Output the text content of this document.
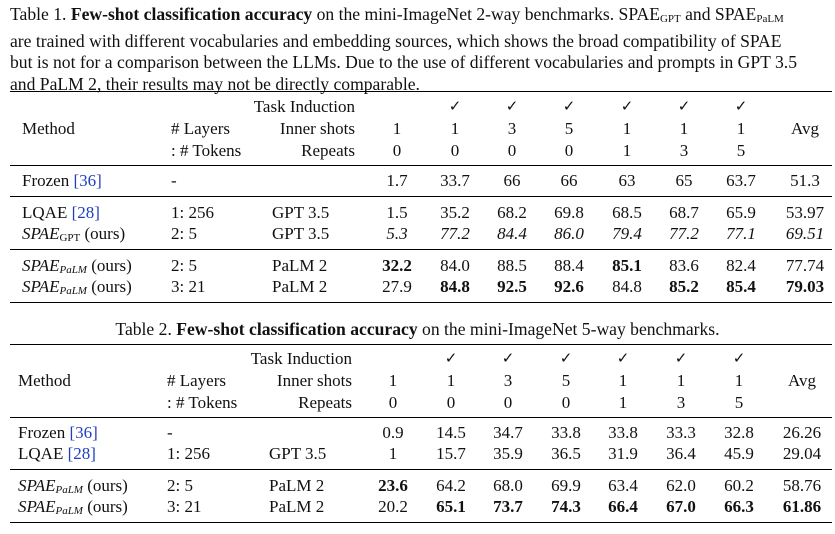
Table 1. Few-shot classification accuracy on the mini-ImageNet 2-way benchmarks. SPAEGPT and SPAEPaLM
are trained with different vocabularies and embedding sources, which shows the broad compatibility of SPAE
but is not for a comparison between the LLMs. Due to the use of different vocabularies and prompts in GPT 3.5
and PaLM 2, their results may not be directly comparable.
Task Induction	✓	✓	✓	✓	✓	✓
Method	# Layers	Inner shots 1	1	3	5	1	1	1	Avg
: # Tokens	Repeats 0	0	0	0	1	3	5
Frozen [36]	-	1.7 33.7 66 66 63 65 63.7 51.3
LQAE [28]	1: 256	GPT 3.5	1.5 35.2 68.2 69.8 68.5 68.7 65.9 53.97
SPAEGPT (ours)	2: 5	GPT 3.5	5.3 77.2 84.4 86.0 79.4 77.2 77.1 69.51
SPAEPaLM (ours) 2: 5	PaLM 2	32.2 84.0 88.5 88.4 85.1 83.6 82.4 77.74
SPAEPaLM (ours) 3: 21	PaLM 2	27.9 84.8 92.5 92.6 84.8 85.2 85.4 79.03
Table 2. Few-shot classification accuracy on the mini-ImageNet 5-way benchmarks.
Task Induction	✓	✓	✓	✓	✓	✓
Method	# Layers	Inner shots 1	1	3	5	1	1	1	Avg
: # Tokens	Repeats 0	0	0	0	1	3	5
Frozen [36]	-	0.9 14.5 34.7 33.8 33.8 33.3 32.8 26.26
LQAE [28]	1: 256	GPT 3.5	1 15.7 35.9 36.5 31.9 36.4 45.9 29.04
SPAEPaLM (ours) 2: 5	PaLM 2	23.6 64.2 68.0 69.9 63.4 62.0 60.2 58.76
SPAEPaLM (ours) 3: 21	PaLM 2	20.2 65.1 73.7 74.3 66.4 67.0 66.3 61.86
